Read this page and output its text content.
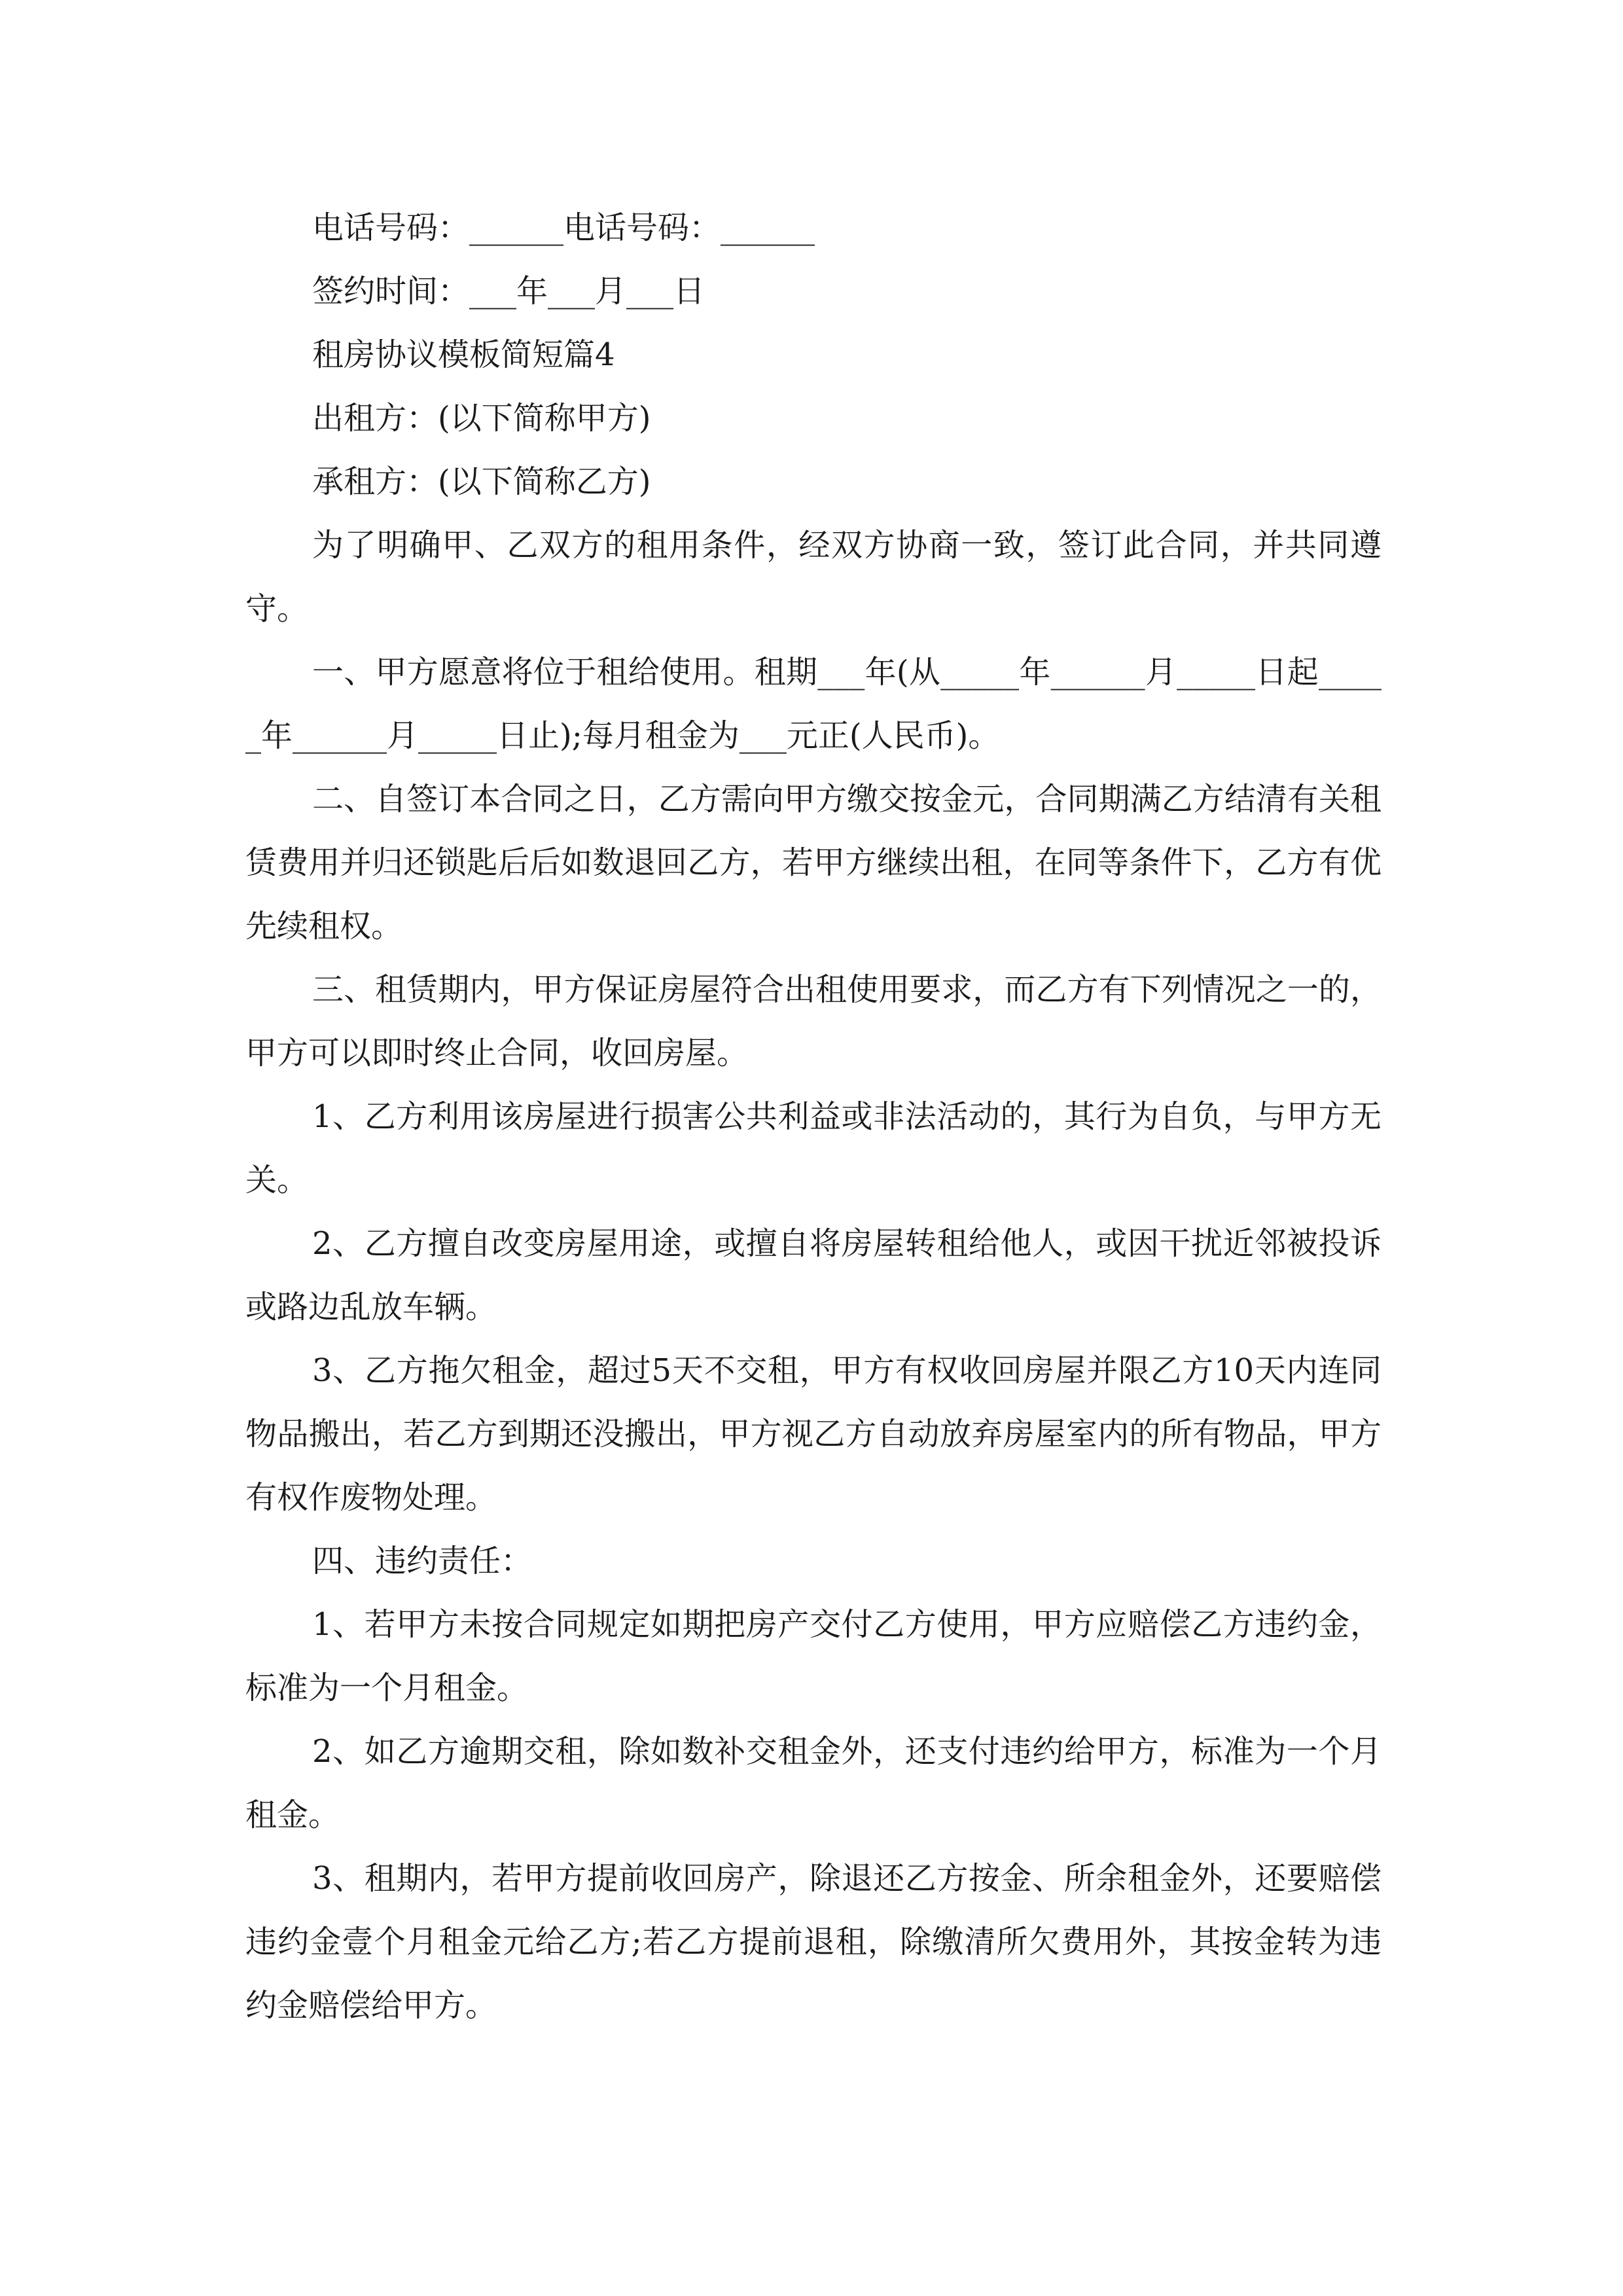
电话号码：______电话号码：______

签约时间：___年___月___日

租房协议模板简短篇4

出租方：(以下简称甲方)

承租方：(以下简称乙方)

为了明确甲、乙双方的租用条件，经双方协商一致，签订此合同，并共同遵守。

一、甲方愿意将位于租给使用。租期___年(从_____年______月_____日起_____年______月_____日止);每月租金为___元正(人民币)。

二、自签订本合同之日，乙方需向甲方缴交按金元，合同期满乙方结清有关租赁费用并归还锁匙后后如数退回乙方，若甲方继续出租，在同等条件下，乙方有优先续租权。

三、租赁期内，甲方保证房屋符合出租使用要求，而乙方有下列情况之一的，甲方可以即时终止合同，收回房屋。

1、乙方利用该房屋进行损害公共利益或非法活动的，其行为自负，与甲方无关。

2、乙方擅自改变房屋用途，或擅自将房屋转租给他人，或因干扰近邻被投诉或路边乱放车辆。

3、乙方拖欠租金，超过5天不交租，甲方有权收回房屋并限乙方10天内连同物品搬出，若乙方到期还没搬出，甲方视乙方自动放弃房屋室内的所有物品，甲方有权作废物处理。

四、违约责任：

1、若甲方未按合同规定如期把房产交付乙方使用，甲方应赔偿乙方违约金，标准为一个月租金。

2、如乙方逾期交租，除如数补交租金外，还支付违约给甲方，标准为一个月租金。

3、租期内，若甲方提前收回房产，除退还乙方按金、所余租金外，还要赔偿违约金壹个月租金元给乙方;若乙方提前退租，除缴清所欠费用外，其按金转为违约金赔偿给甲方。
